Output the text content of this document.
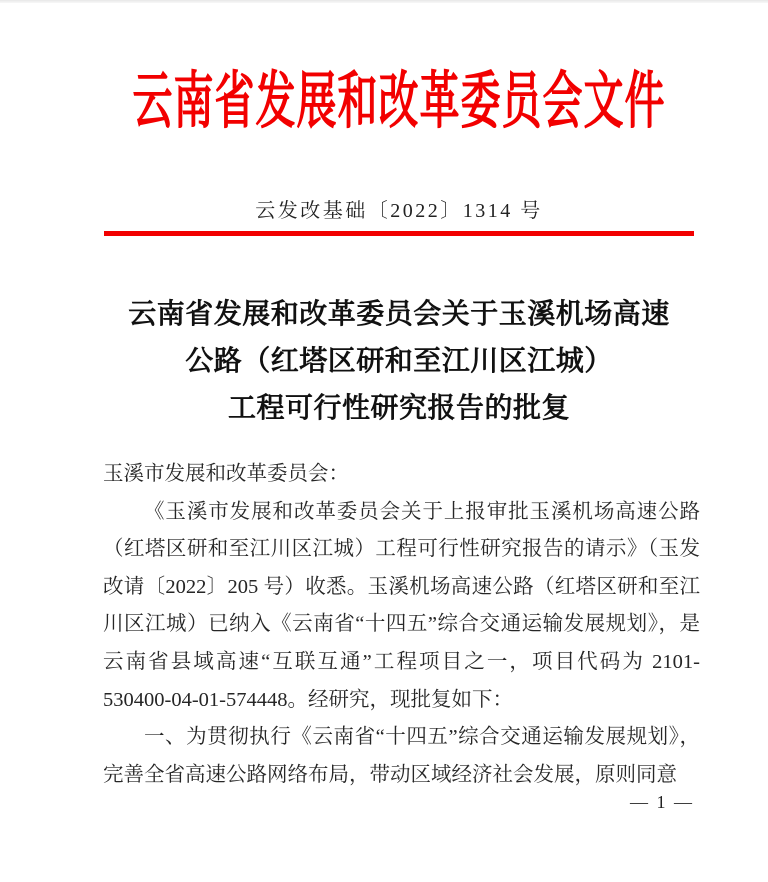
云南省发展和改革委员会文件
云发改基础〔2022〕1314 号
云南省发展和改革委员会关于玉溪机场高速
公路（红塔区研和至江川区江城）
工程可行性研究报告的批复

玉溪市发展和改革委员会：

《玉溪市发展和改革委员会关于上报审批玉溪机场高速公路（红塔区研和至江川区江城）工程可行性研究报告的请示》（玉发改请〔2022〕205 号）收悉。玉溪机场高速公路（红塔区研和至江川区江城）已纳入《云南省“十四五”综合交通运输发展规划》，是云南省县域高速“互联互通”工程项目之一，项目代码为 2101-530400-04-01-574448。经研究，现批复如下：

一、为贯彻执行《云南省“十四五”综合交通运输发展规划》，完善全省高速公路网络布局，带动区域经济社会发展，原则同意

— 1 —
